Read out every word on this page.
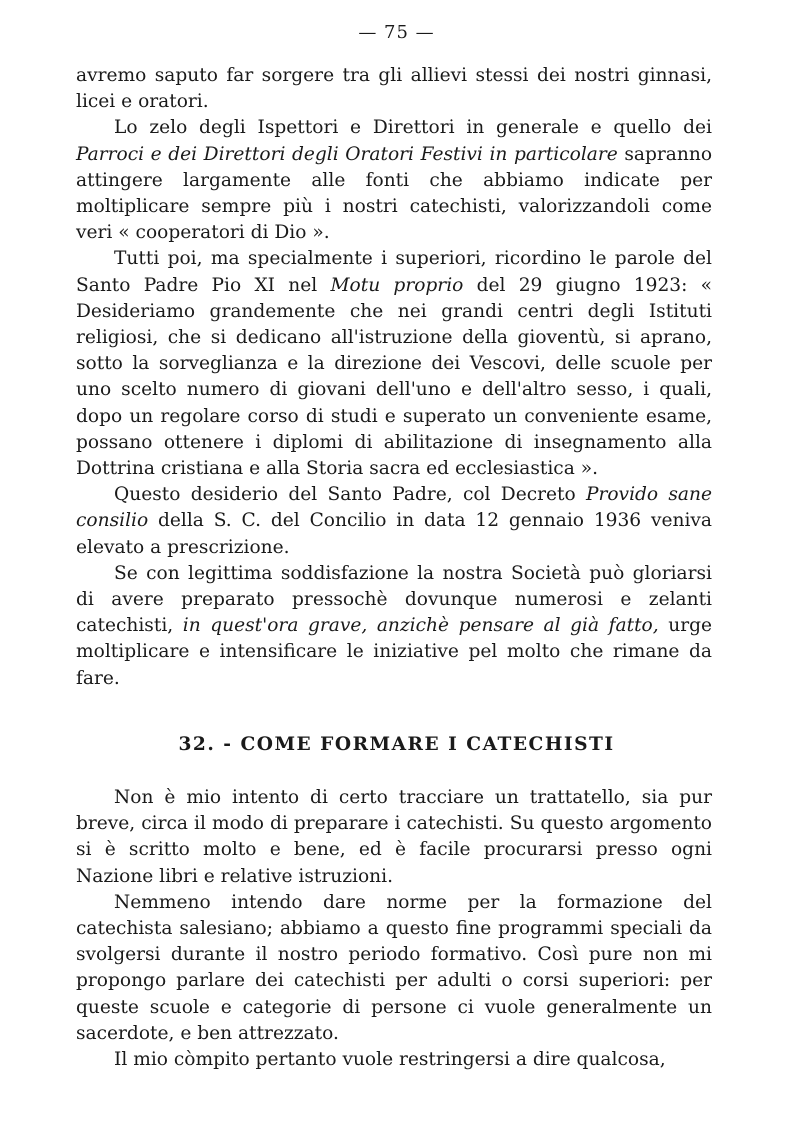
— 75 —

avremo saputo far sorgere tra gli allievi stessi dei nostri ginnasi, licei e oratori.

Lo zelo degli Ispettori e Direttori in generale e quello dei Parroci e dei Direttori degli Oratori Festivi in particolare sapranno attingere largamente alle fonti che abbiamo indicate per moltiplicare sempre più i nostri catechisti, valorizzandoli come veri « cooperatori di Dio ».

Tutti poi, ma specialmente i superiori, ricordino le parole del Santo Padre Pio XI nel Motu proprio del 29 giugno 1923: « Desideriamo grandemente che nei grandi centri degli Istituti religiosi, che si dedicano all'istruzione della gioventù, si aprano, sotto la sorveglianza e la direzione dei Vescovi, delle scuole per uno scelto numero di giovani dell'uno e dell'altro sesso, i quali, dopo un regolare corso di studi e superato un conveniente esame, possano ottenere i diplomi di abilitazione di insegnamento alla Dottrina cristiana e alla Storia sacra ed ecclesiastica ».

Questo desiderio del Santo Padre, col Decreto Provido sane consilio della S. C. del Concilio in data 12 gennaio 1936 veniva elevato a prescrizione.

Se con legittima soddisfazione la nostra Società può gloriarsi di avere preparato pressochè dovunque numerosi e zelanti catechisti, in quest'ora grave, anzichè pensare al già fatto, urge moltiplicare e intensificare le iniziative pel molto che rimane da fare.

32. - COME FORMARE I CATECHISTI

Non è mio intento di certo tracciare un trattatello, sia pur breve, circa il modo di preparare i catechisti. Su questo argomento si è scritto molto e bene, ed è facile procurarsi presso ogni Nazione libri e relative istruzioni.

Nemmeno intendo dare norme per la formazione del catechista salesiano; abbiamo a questo fine programmi speciali da svolgersi durante il nostro periodo formativo. Così pure non mi propongo parlare dei catechisti per adulti o corsi superiori: per queste scuole e categorie di persone ci vuole generalmente un sacerdote, e ben attrezzato.

Il mio còmpito pertanto vuole restringersi a dire qualcosa,
